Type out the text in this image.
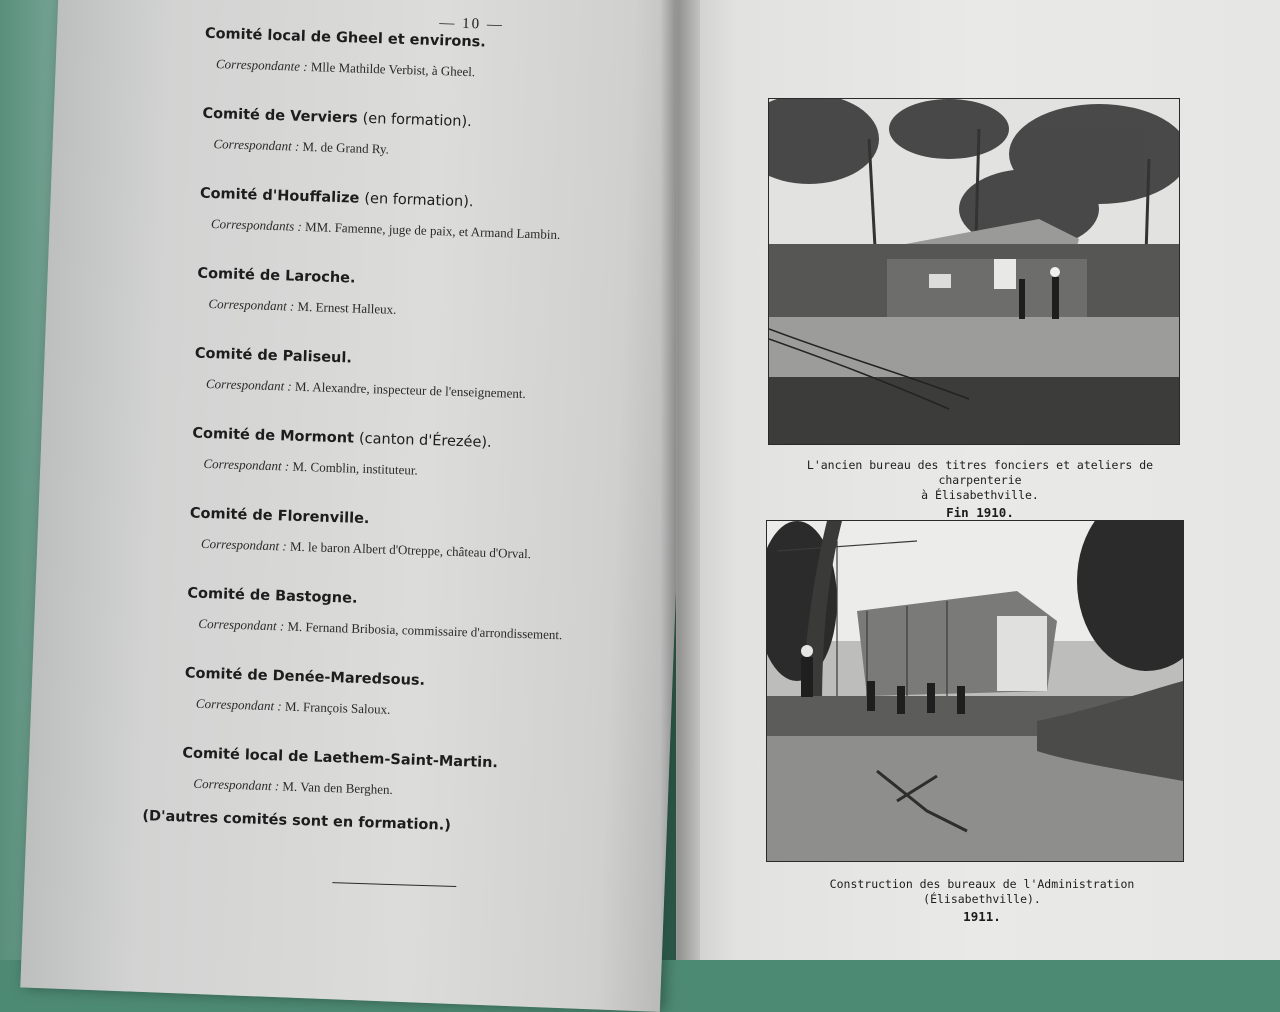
— 10 —
Comité local de Gheel et environs.
Correspondante : Mlle Mathilde Verbist, à Gheel.
Comité de Verviers (en formation).
Correspondant : M. de Grand Ry.
Comité d'Houffalize (en formation).
Correspondants : MM. Famenne, juge de paix, et Armand Lambin.
Comité de Laroche.
Correspondant : M. Ernest Halleux.
Comité de Paliseul.
Correspondant : M. Alexandre, inspecteur de l'enseignement.
Comité de Mormont (canton d'Érezée).
Correspondant : M. Comblin, instituteur.
Comité de Florenville.
Correspondant : M. le baron Albert d'Otreppe, château d'Orval.
Comité de Bastogne.
Correspondant : M. Fernand Bribosia, commissaire d'arrondissement.
Comité de Denée-Maredsous.
Correspondant : M. François Saloux.
Comité local de Laethem-Saint-Martin.
Correspondant : M. Van den Berghen.
(D'autres comités sont en formation.)
L'ancien bureau des titres fonciers et ateliers de charpenterie
à Élisabethville.
Fin 1910.
Construction des bureaux de l'Administration (Élisabethville).
1911.
